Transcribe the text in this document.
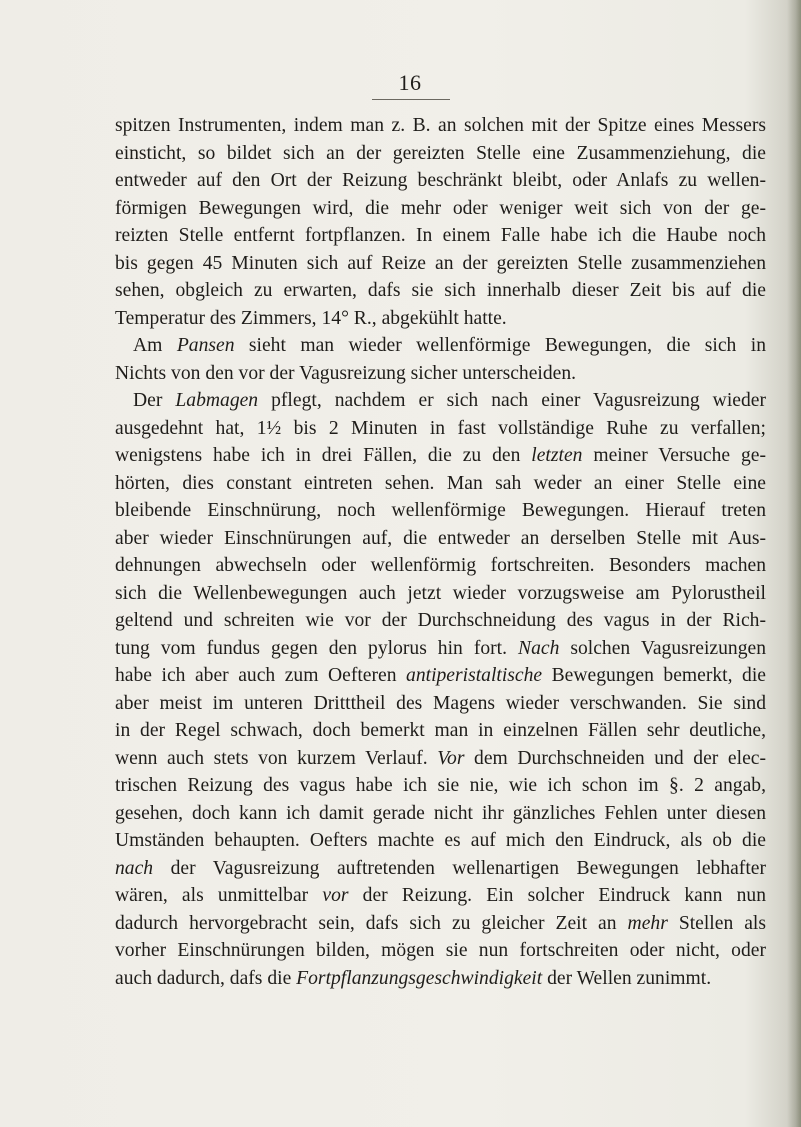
16
spitzen Instrumenten, indem man z. B. an solchen mit der Spitze eines Messers
einsticht, so bildet sich an der gereizten Stelle eine Zusammenziehung, die
entweder auf den Ort der Reizung beschränkt bleibt, oder Anlafs zu wellen-
förmigen Bewegungen wird, die mehr oder weniger weit sich von der ge-
reizten Stelle entfernt fortpflanzen. In einem Falle habe ich die Haube noch
bis gegen 45 Minuten sich auf Reize an der gereizten Stelle zusammenziehen
sehen, obgleich zu erwarten, dafs sie sich innerhalb dieser Zeit bis auf die
Temperatur des Zimmers, 14° R., abgekühlt hatte.
Am Pansen sieht man wieder wellenförmige Bewegungen, die sich in
Nichts von den vor der Vagusreizung sicher unterscheiden.
Der Labmagen pflegt, nachdem er sich nach einer Vagusreizung wieder
ausgedehnt hat, 1½ bis 2 Minuten in fast vollständige Ruhe zu verfallen;
wenigstens habe ich in drei Fällen, die zu den letzten meiner Versuche ge-
hörten, dies constant eintreten sehen. Man sah weder an einer Stelle eine
bleibende Einschnürung, noch wellenförmige Bewegungen. Hierauf treten
aber wieder Einschnürungen auf, die entweder an derselben Stelle mit Aus-
dehnungen abwechseln oder wellenförmig fortschreiten. Besonders machen
sich die Wellenbewegungen auch jetzt wieder vorzugsweise am Pylorustheil
geltend und schreiten wie vor der Durchschneidung des vagus in der Rich-
tung vom fundus gegen den pylorus hin fort. Nach solchen Vagusreizungen
habe ich aber auch zum Oefteren antiperistaltische Bewegungen bemerkt, die
aber meist im unteren Dritttheil des Magens wieder verschwanden. Sie sind
in der Regel schwach, doch bemerkt man in einzelnen Fällen sehr deutliche,
wenn auch stets von kurzem Verlauf. Vor dem Durchschneiden und der elec-
trischen Reizung des vagus habe ich sie nie, wie ich schon im §. 2 angab,
gesehen, doch kann ich damit gerade nicht ihr gänzliches Fehlen unter diesen
Umständen behaupten. Oefters machte es auf mich den Eindruck, als ob die
nach der Vagusreizung auftretenden wellenartigen Bewegungen lebhafter
wären, als unmittelbar vor der Reizung. Ein solcher Eindruck kann nun
dadurch hervorgebracht sein, dafs sich zu gleicher Zeit an mehr Stellen als
vorher Einschnürungen bilden, mögen sie nun fortschreiten oder nicht, oder
auch dadurch, dafs die Fortpflanzungsgeschwindigkeit der Wellen zunimmt.
